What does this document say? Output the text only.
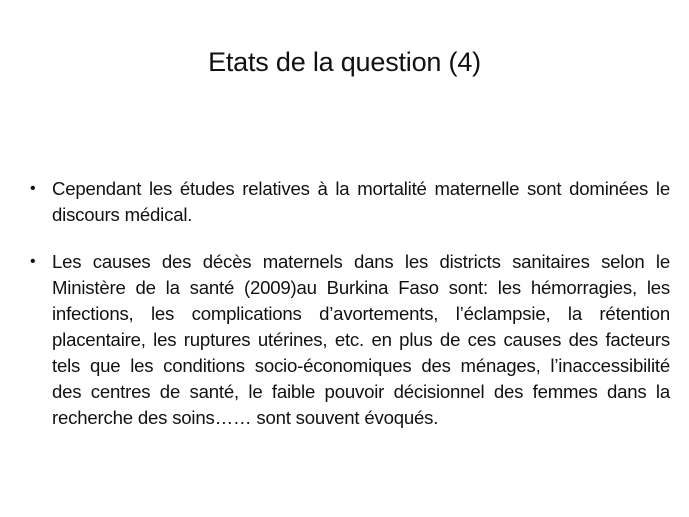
Etats de la question (4)
• Cependant les études relatives à la mortalité maternelle sont dominées le discours médical.
• Les causes des décès maternels dans les districts sanitaires selon le Ministère de la santé (2009)au Burkina Faso sont: les hémorragies, les infections, les complications d’avortements, l’éclampsie, la rétention placentaire, les ruptures utérines, etc. en plus de ces causes des facteurs tels que les conditions socio-économiques des ménages, l’inaccessibilité des centres de santé, le faible pouvoir décisionnel des femmes dans la recherche des soins…… sont souvent évoqués.
